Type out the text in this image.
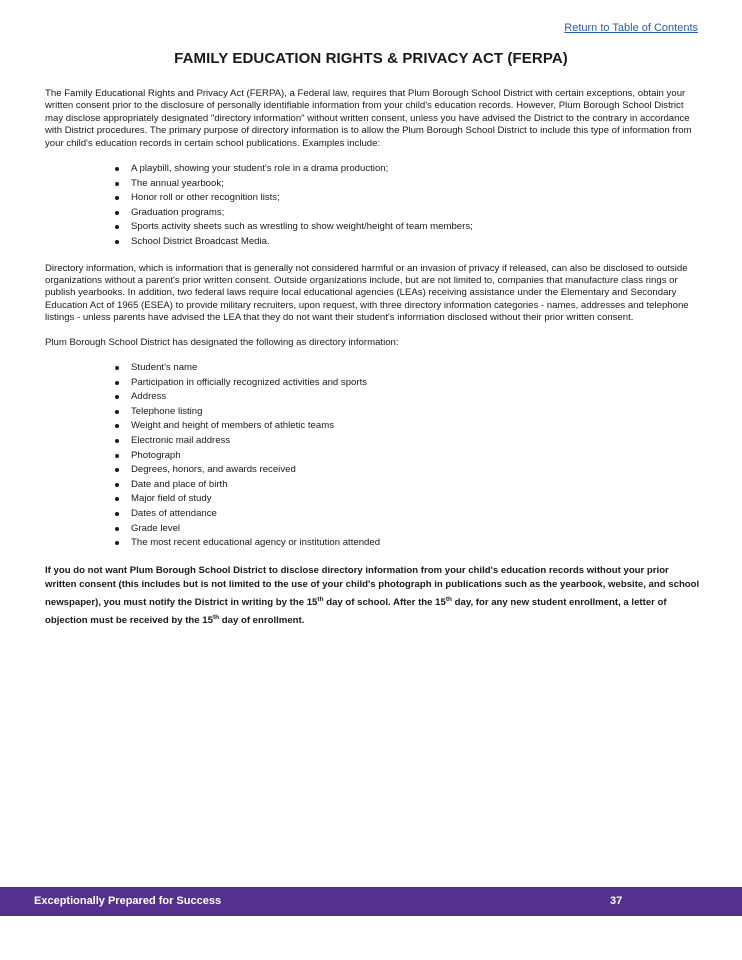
Return to Table of Contents
FAMILY EDUCATION RIGHTS & PRIVACY ACT (FERPA)

The Family Educational Rights and Privacy Act (FERPA), a Federal law, requires that Plum Borough School District with certain exceptions, obtain your written consent prior to the disclosure of personally identifiable information from your child's education records. However, Plum Borough School District may disclose appropriately designated "directory information" without written consent, unless you have advised the District to the contrary in accordance with District procedures. The primary purpose of directory information is to allow the Plum Borough School District to include this type of information from your child's education records in certain school publications. Examples include:

A playbill, showing your student's role in a drama production;
The annual yearbook;
Honor roll or other recognition lists;
Graduation programs;
Sports activity sheets such as wrestling to show weight/height of team members;
School District Broadcast Media.

Directory information, which is information that is generally not considered harmful or an invasion of privacy if released, can also be disclosed to outside organizations without a parent's prior written consent. Outside organizations include, but are not limited to, companies that manufacture class rings or publish yearbooks. In addition, two federal laws require local educational agencies (LEAs) receiving assistance under the Elementary and Secondary Education Act of 1965 (ESEA) to provide military recruiters, upon request, with three directory information categories - names, addresses and telephone listings - unless parents have advised the LEA that they do not want their student's information disclosed without their prior written consent.

Plum Borough School District has designated the following as directory information:

Student's name
Participation in officially recognized activities and sports
Address
Telephone listing
Weight and height of members of athletic teams
Electronic mail address
Photograph
Degrees, honors, and awards received
Date and place of birth
Major field of study
Dates of attendance
Grade level
The most recent educational agency or institution attended

If you do not want Plum Borough School District to disclose directory information from your child's education records without your prior written consent (this includes but is not limited to the use of your child's photograph in publications such as the yearbook, website, and school newspaper), you must notify the District in writing by the 15th day of school. After the 15th day, for any new student enrollment, a letter of objection must be received by the 15th day of enrollment.

Exceptionally Prepared for Success	37
